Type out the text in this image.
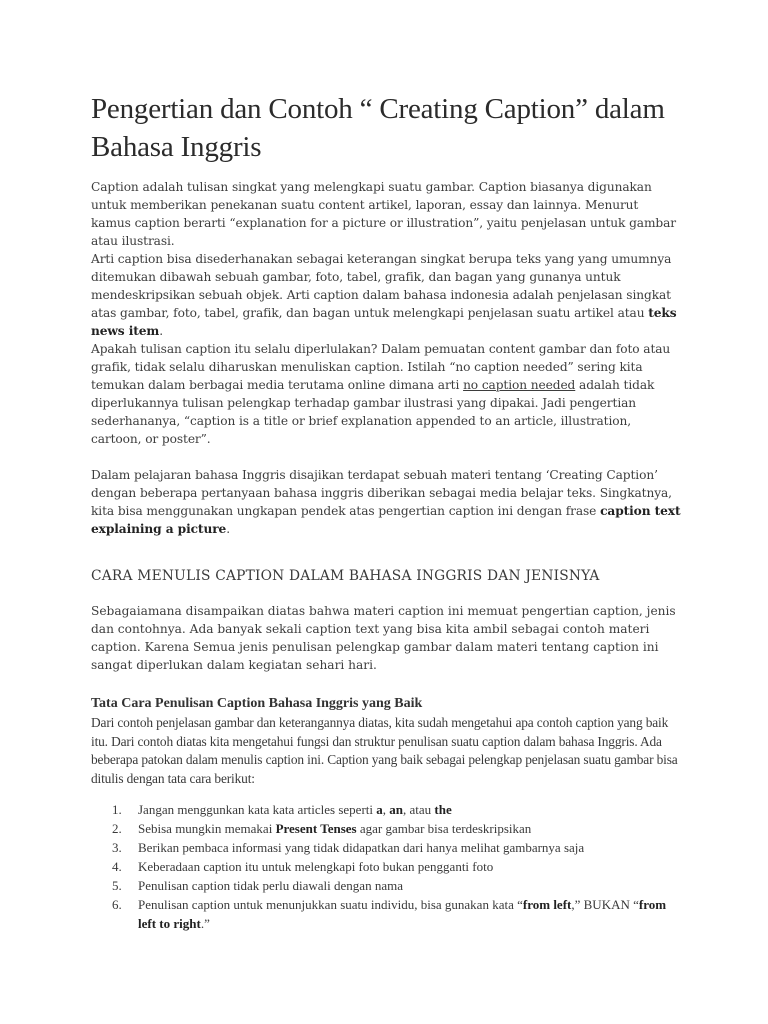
Pengertian dan Contoh “ Creating Caption” dalam Bahasa Inggris

Caption adalah tulisan singkat yang melengkapi suatu gambar. Caption biasanya digunakan untuk memberikan penekanan suatu content artikel, laporan, essay dan lainnya. Menurut kamus caption berarti “explanation for a picture or illustration”, yaitu penjelasan untuk gambar atau ilustrasi.

Arti caption bisa disederhanakan sebagai keterangan singkat berupa teks yang yang umumnya ditemukan dibawah sebuah gambar, foto, tabel, grafik, dan bagan yang gunanya untuk mendeskripsikan sebuah objek. Arti caption dalam bahasa indonesia adalah penjelasan singkat atas gambar, foto, tabel, grafik, dan bagan untuk melengkapi penjelasan suatu artikel atau teks news item.

Apakah tulisan caption itu selalu diperlulakan? Dalam pemuatan content gambar dan foto atau grafik, tidak selalu diharuskan menuliskan caption. Istilah “no caption needed” sering kita temukan dalam berbagai media terutama online dimana arti no caption needed adalah tidak diperlukannya tulisan pelengkap terhadap gambar ilustrasi yang dipakai. Jadi pengertian sederhananya, “caption is a title or brief explanation appended to an article, illustration, cartoon, or poster”.

Dalam pelajaran bahasa Inggris disajikan terdapat sebuah materi tentang ‘Creating Caption’ dengan beberapa pertanyaan bahasa inggris diberikan sebagai media belajar teks. Singkatnya, kita bisa menggunakan ungkapan pendek atas pengertian caption ini dengan frase caption text explaining a picture.

CARA MENULIS CAPTION DALAM BAHASA INGGRIS DAN JENISNYA

Sebagaiamana disampaikan diatas bahwa materi caption ini memuat pengertian caption, jenis dan contohnya. Ada banyak sekali caption text yang bisa kita ambil sebagai contoh materi caption. Karena Semua jenis penulisan pelengkap gambar dalam materi tentang caption ini sangat diperlukan dalam kegiatan sehari hari.

Tata Cara Penulisan Caption Bahasa Inggris yang Baik

Dari contoh penjelasan gambar dan keterangannya diatas, kita sudah mengetahui apa contoh caption yang baik itu. Dari contoh diatas kita mengetahui fungsi dan struktur penulisan suatu caption dalam bahasa Inggris. Ada beberapa patokan dalam menulis caption ini. Caption yang baik sebagai pelengkap penjelasan suatu gambar bisa ditulis dengan tata cara berikut:

1. Jangan menggunkan kata kata articles seperti a, an, atau the
2. Sebisa mungkin memakai Present Tenses agar gambar bisa terdeskripsikan
3. Berikan pembaca informasi yang tidak didapatkan dari hanya melihat gambarnya saja
4. Keberadaan caption itu untuk melengkapi foto bukan pengganti foto
5. Penulisan caption tidak perlu diawali dengan nama
6. Penulisan caption untuk menunjukkan suatu individu, bisa gunakan kata “from left,” BUKAN “from left to right.”
